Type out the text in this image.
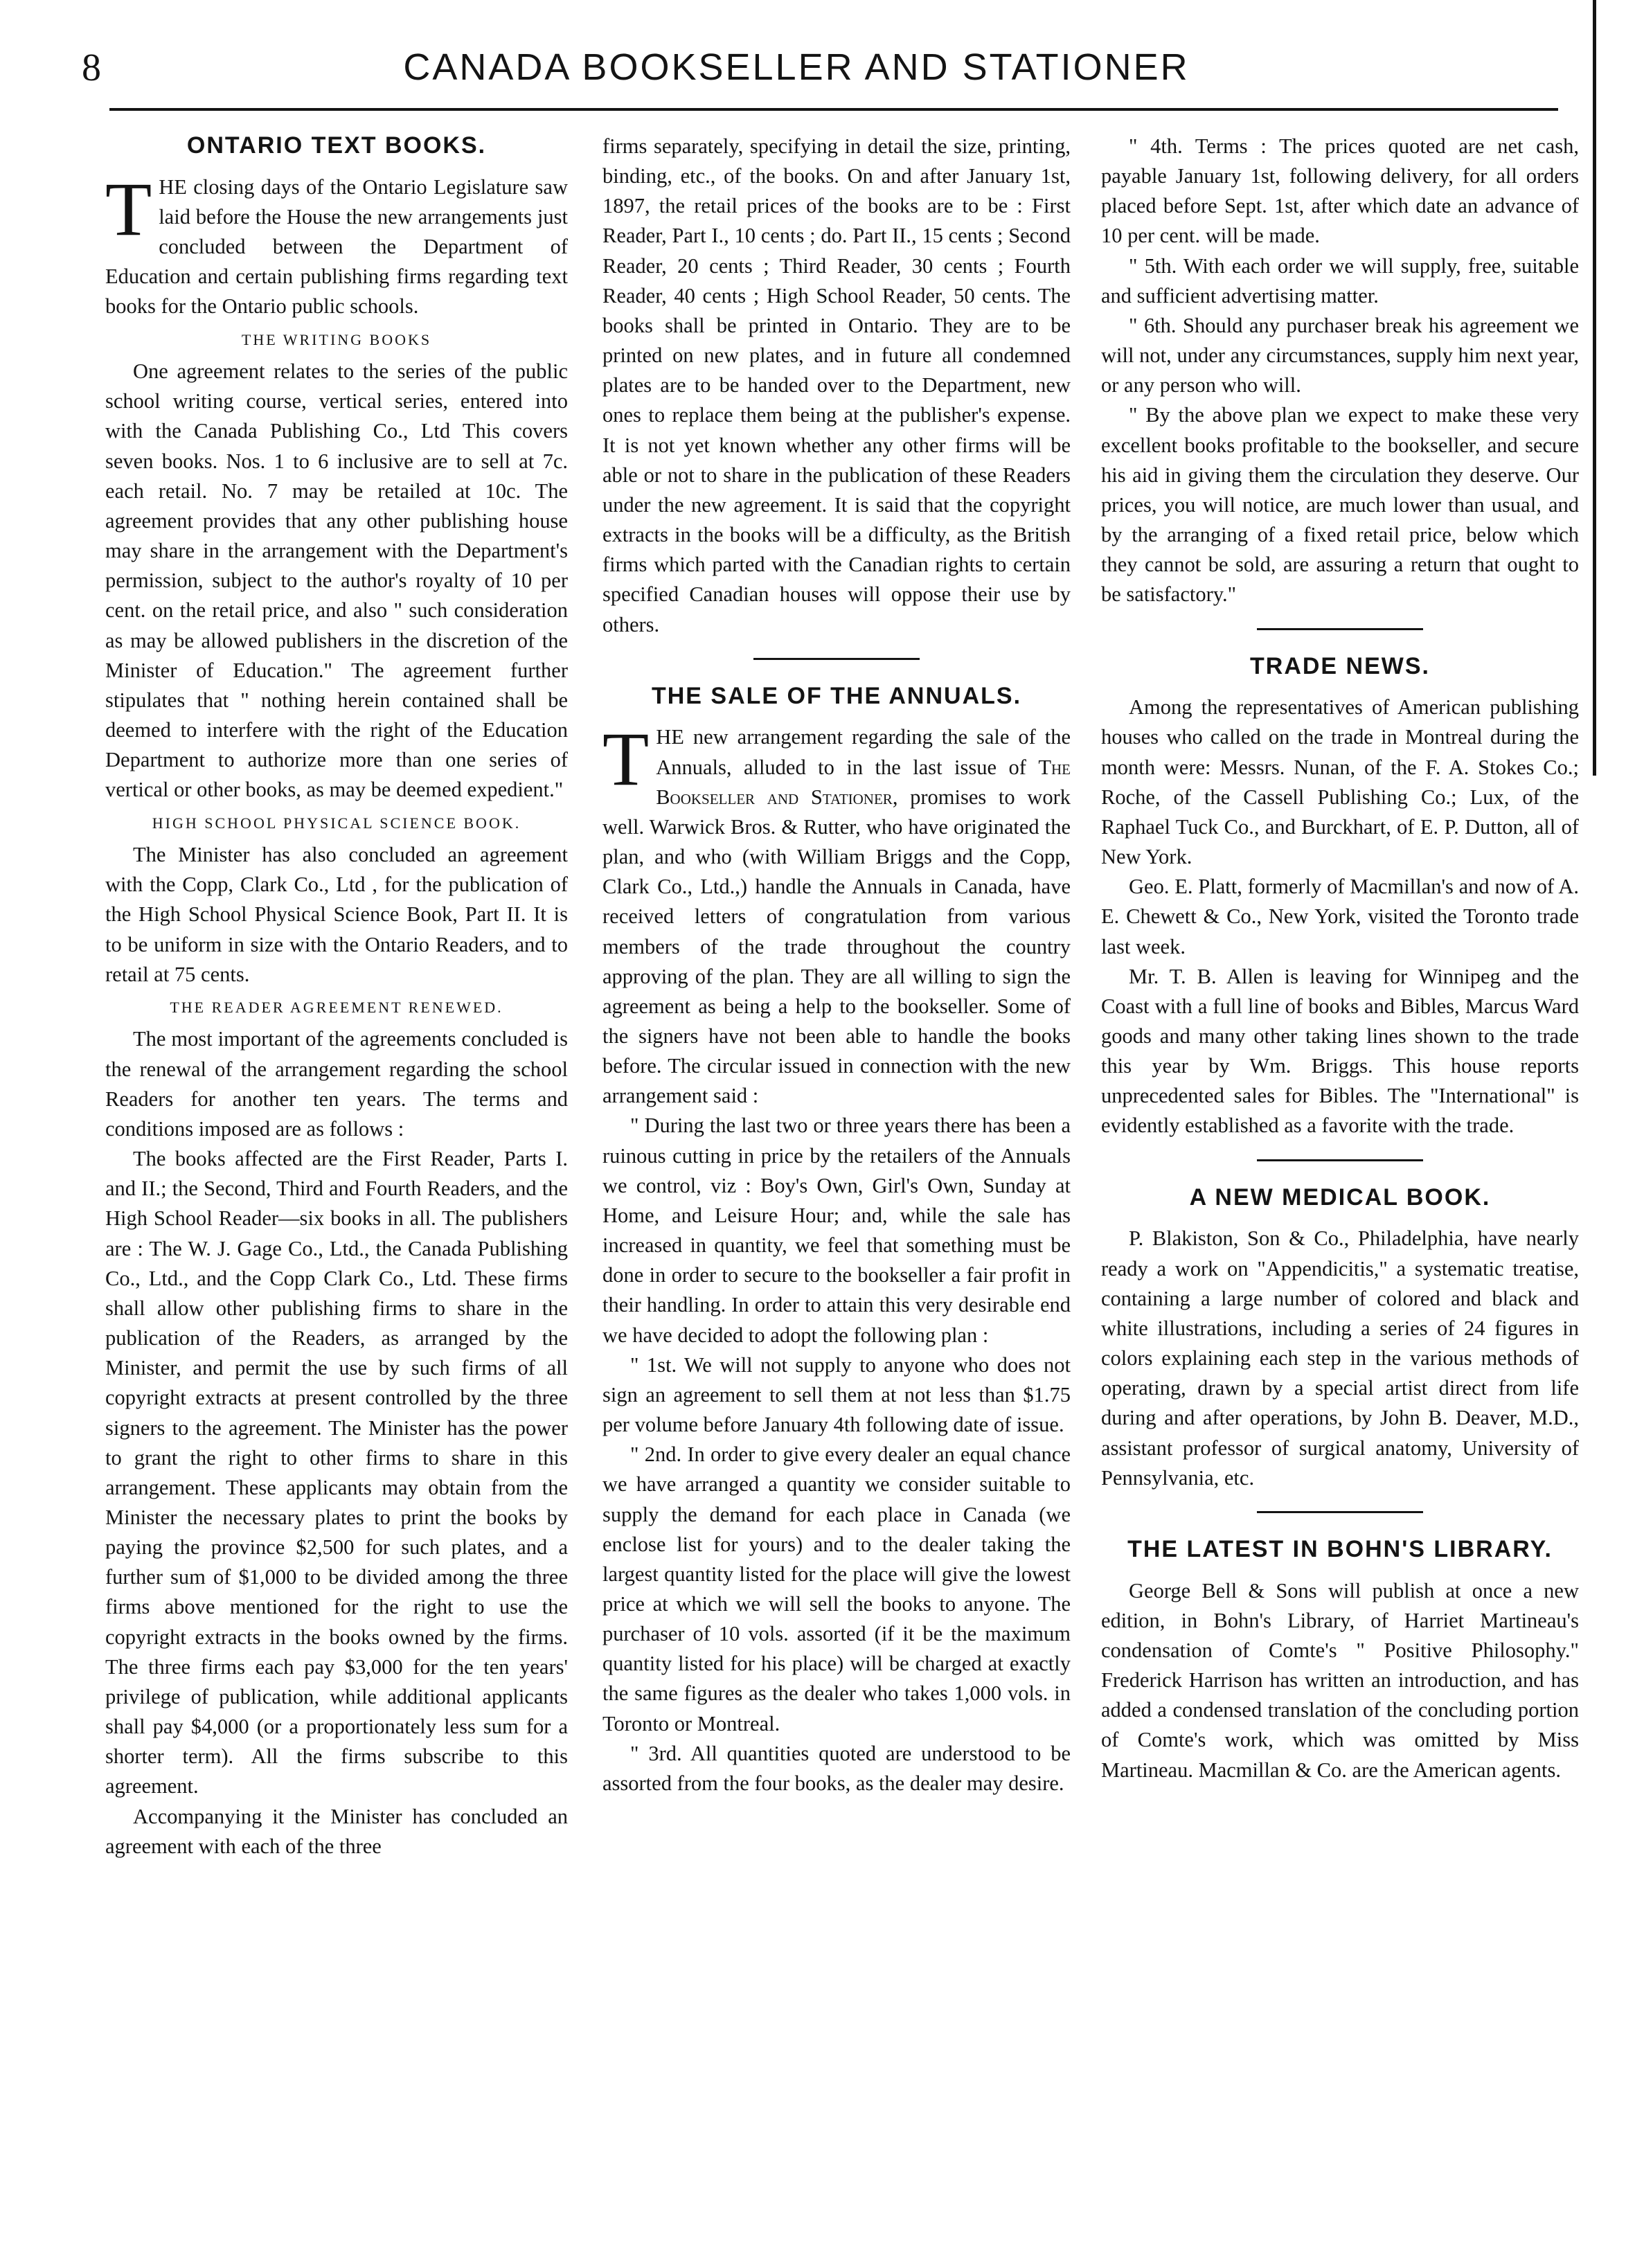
8	CANADA BOOKSELLER AND STATIONER
ONTARIO TEXT BOOKS.

THE closing days of the Ontario Legislature saw laid before the House the new arrangements just concluded between the Department of Education and certain publishing firms regarding text books for the Ontario public schools.

THE WRITING BOOKS

One agreement relates to the series of the public school writing course, vertical series, entered into with the Canada Publishing Co., Ltd This covers seven books. Nos. 1 to 6 inclusive are to sell at 7c. each retail. No. 7 may be retailed at 10c. The agreement provides that any other publishing house may share in the arrangement with the Department's permission, subject to the author's royalty of 10 per cent. on the retail price, and also " such consideration as may be allowed publishers in the discretion of the Minister of Education." The agreement further stipulates that " nothing herein contained shall be deemed to interfere with the right of the Education Department to authorize more than one series of vertical or other books, as may be deemed expedient."

HIGH SCHOOL PHYSICAL SCIENCE BOOK.

The Minister has also concluded an agreement with the Copp, Clark Co., Ltd , for the publication of the High School Physical Science Book, Part II. It is to be uniform in size with the Ontario Readers, and to retail at 75 cents.

THE READER AGREEMENT RENEWED.

The most important of the agreements concluded is the renewal of the arrangement regarding the school Readers for another ten years. The terms and conditions imposed are as follows :

The books affected are the First Reader, Parts I. and II.; the Second, Third and Fourth Readers, and the High School Reader—six books in all. The publishers are : The W. J. Gage Co., Ltd., the Canada Publishing Co., Ltd., and the Copp Clark Co., Ltd. These firms shall allow other publishing firms to share in the publication of the Readers, as arranged by the Minister, and permit the use by such firms of all copyright extracts at present controlled by the three signers to the agreement. The Minister has the power to grant the right to other firms to share in this arrangement. These applicants may obtain from the Minister the necessary plates to print the books by paying the province $2,500 for such plates, and a further sum of $1,000 to be divided among the three firms above mentioned for the right to use the copyright extracts in the books owned by the firms. The three firms each pay $3,000 for the ten years' privilege of publication, while additional applicants shall pay $4,000 (or a proportionately less sum for a shorter term). All the firms subscribe to this agreement.

Accompanying it the Minister has concluded an agreement with each of the three

firms separately, specifying in detail the size, printing, binding, etc., of the books. On and after January 1st, 1897, the retail prices of the books are to be : First Reader, Part I., 10 cents ; do. Part II., 15 cents ; Second Reader, 20 cents ; Third Reader, 30 cents ; Fourth Reader, 40 cents ; High School Reader, 50 cents. The books shall be printed in Ontario. They are to be printed on new plates, and in future all condemned plates are to be handed over to the Department, new ones to replace them being at the publisher's expense. It is not yet known whether any other firms will be able or not to share in the publication of these Readers under the new agreement. It is said that the copyright extracts in the books will be a difficulty, as the British firms which parted with the Canadian rights to certain specified Canadian houses will oppose their use by others.

THE SALE OF THE ANNUALS.

THE new arrangement regarding the sale of the Annuals, alluded to in the last issue of The Bookseller and Stationer, promises to work well. Warwick Bros. & Rutter, who have originated the plan, and who (with William Briggs and the Copp, Clark Co., Ltd.,) handle the Annuals in Canada, have received letters of congratulation from various members of the trade throughout the country approving of the plan. They are all willing to sign the agreement as being a help to the bookseller. Some of the signers have not been able to handle the books before. The circular issued in connection with the new arrangement said :

" During the last two or three years there has been a ruinous cutting in price by the retailers of the Annuals we control, viz : Boy's Own, Girl's Own, Sunday at Home, and Leisure Hour; and, while the sale has increased in quantity, we feel that something must be done in order to secure to the bookseller a fair profit in their handling. In order to attain this very desirable end we have decided to adopt the following plan :

" 1st. We will not supply to anyone who does not sign an agreement to sell them at not less than $1.75 per volume before January 4th following date of issue.

" 2nd. In order to give every dealer an equal chance we have arranged a quantity we consider suitable to supply the demand for each place in Canada (we enclose list for yours) and to the dealer taking the largest quantity listed for the place will give the lowest price at which we will sell the books to anyone. The purchaser of 10 vols. assorted (if it be the maximum quantity listed for his place) will be charged at exactly the same figures as the dealer who takes 1,000 vols. in Toronto or Montreal.

" 3rd. All quantities quoted are understood to be assorted from the four books, as the dealer may desire.

" 4th. Terms : The prices quoted are net cash, payable January 1st, following delivery, for all orders placed before Sept. 1st, after which date an advance of 10 per cent. will be made.

" 5th. With each order we will supply, free, suitable and sufficient advertising matter.

" 6th. Should any purchaser break his agreement we will not, under any circumstances, supply him next year, or any person who will.

" By the above plan we expect to make these very excellent books profitable to the bookseller, and secure his aid in giving them the circulation they deserve. Our prices, you will notice, are much lower than usual, and by the arranging of a fixed retail price, below which they cannot be sold, are assuring a return that ought to be satisfactory."

TRADE NEWS.

Among the representatives of American publishing houses who called on the trade in Montreal during the month were: Messrs. Nunan, of the F. A. Stokes Co.; Roche, of the Cassell Publishing Co.; Lux, of the Raphael Tuck Co., and Burckhart, of E. P. Dutton, all of New York.

Geo. E. Platt, formerly of Macmillan's and now of A. E. Chewett & Co., New York, visited the Toronto trade last week.

Mr. T. B. Allen is leaving for Winnipeg and the Coast with a full line of books and Bibles, Marcus Ward goods and many other taking lines shown to the trade this year by Wm. Briggs. This house reports unprecedented sales for Bibles. The "International" is evidently established as a favorite with the trade.

A NEW MEDICAL BOOK.

P. Blakiston, Son & Co., Philadelphia, have nearly ready a work on "Appendicitis," a systematic treatise, containing a large number of colored and black and white illustrations, including a series of 24 figures in colors explaining each step in the various methods of operating, drawn by a special artist direct from life during and after operations, by John B. Deaver, M.D., assistant professor of surgical anatomy, University of Pennsylvania, etc.

THE LATEST IN BOHN'S LIBRARY.

George Bell & Sons will publish at once a new edition, in Bohn's Library, of Harriet Martineau's condensation of Comte's " Positive Philosophy." Frederick Harrison has written an introduction, and has added a condensed translation of the concluding portion of Comte's work, which was omitted by Miss Martineau. Macmillan & Co. are the American agents.
